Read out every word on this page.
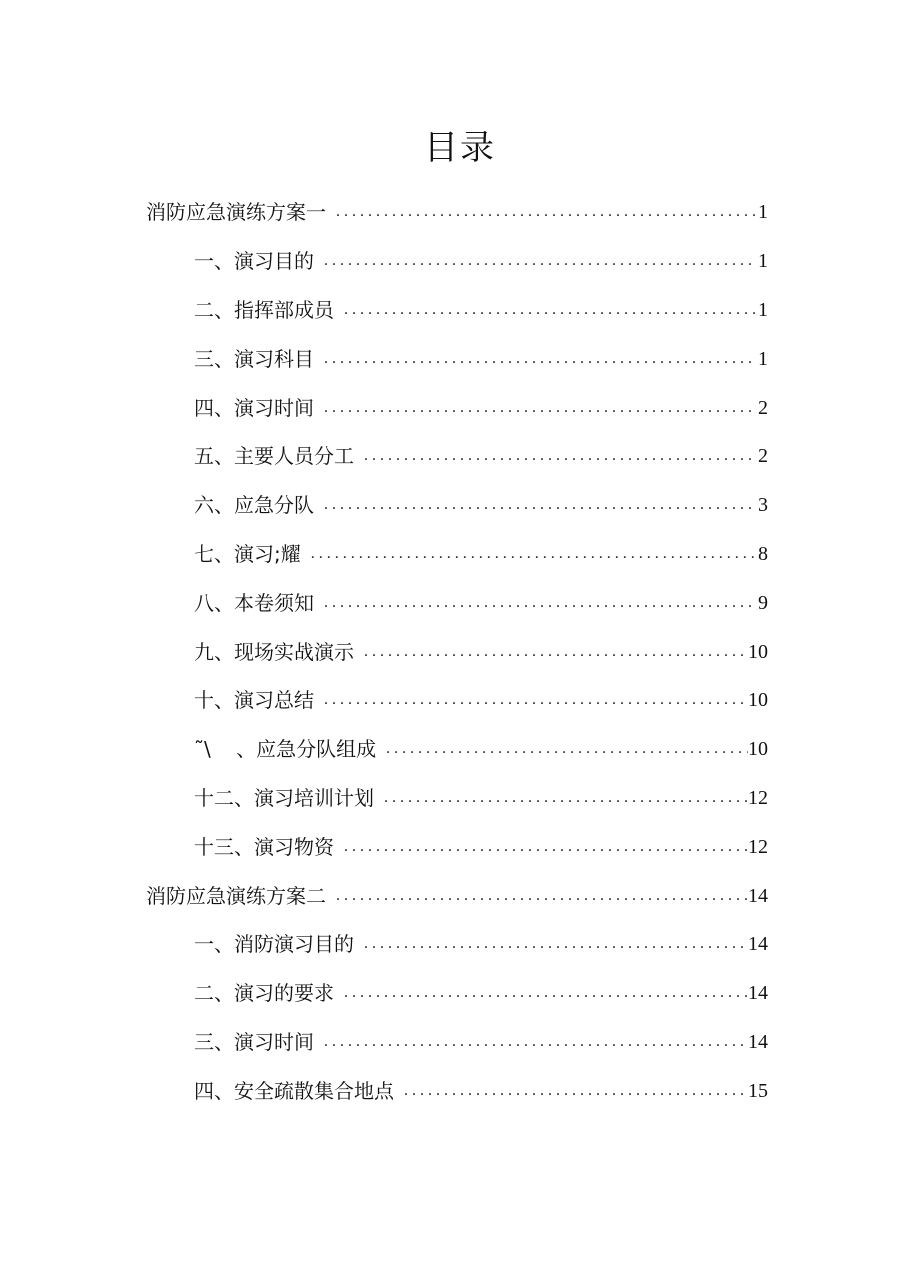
目录
消防应急演练方案一 . . .	1
一、演习目的 . . .	1
二、指挥部成员 . . .	1
三、演习科目 . . .	1
四、演习时间 . . .	2
五、主要人员分工 . . .	2
六、应急分队 . . .	3
七、演习;耀 . . .	8
八、本卷须知 . . .	9
九、现场实战演示 . . .	10
十、演习总结 . . .	10
˜\    、应急分队组成 . . .	10
十二、演习培训计划 . . .	12
十三、演习物资 . . .	12
消防应急演练方案二 . . .	14
一、消防演习目的 . . .	14
二、演习的要求 . . .	14
三、演习时间 . . .	14
四、安全疏散集合地点 . . .	15
